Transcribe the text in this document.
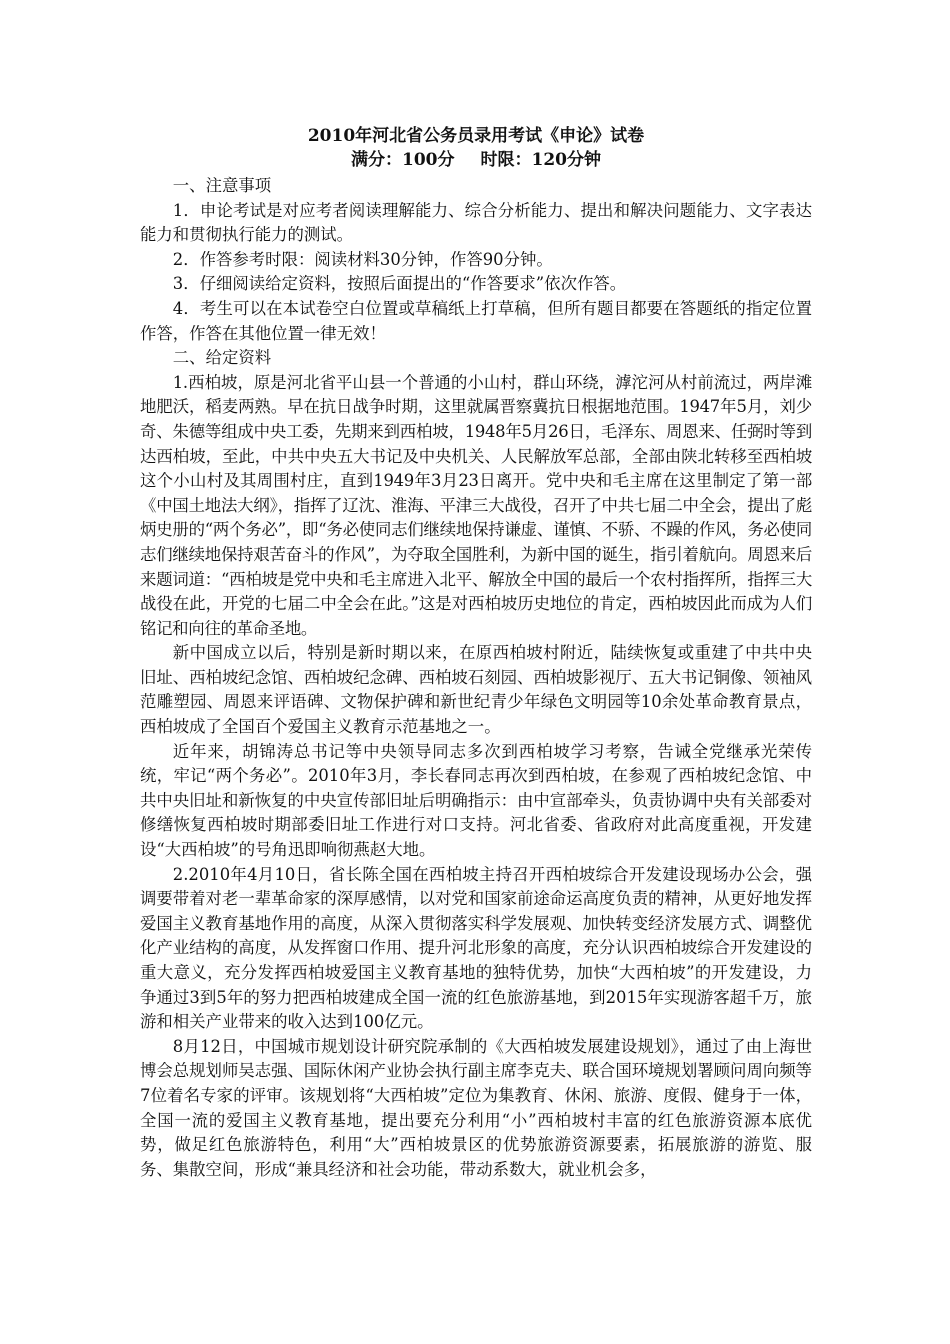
2010年河北省公务员录用考试《申论》试卷
满分：100分 时限：120分钟

一、注意事项

1．申论考试是对应考者阅读理解能力、综合分析能力、提出和解决问题能力、文字表达能力和贯彻执行能力的测试。

2．作答参考时限：阅读材料30分钟，作答90分钟。

3．仔细阅读给定资料，按照后面提出的“作答要求”依次作答。

4．考生可以在本试卷空白位置或草稿纸上打草稿，但所有题目都要在答题纸的指定位置作答，作答在其他位置一律无效！

二、给定资料

1.西柏坡，原是河北省平山县一个普通的小山村，群山环绕，滹沱河从村前流过，两岸滩地肥沃，稻麦两熟。早在抗日战争时期，这里就属晋察冀抗日根据地范围。1947年5月，刘少奇、朱德等组成中央工委，先期来到西柏坡，1948年5月26日，毛泽东、周恩来、任弼时等到达西柏坡，至此，中共中央五大书记及中央机关、人民解放军总部，全部由陕北转移至西柏坡这个小山村及其周围村庄，直到1949年3月23日离开。党中央和毛主席在这里制定了第一部《中国土地法大纲》，指挥了辽沈、淮海、平津三大战役，召开了中共七届二中全会，提出了彪炳史册的“两个务必”，即“务必使同志们继续地保持谦虚、谨慎、不骄、不躁的作风，务必使同志们继续地保持艰苦奋斗的作风”，为夺取全国胜利，为新中国的诞生，指引着航向。周恩来后来题词道：“西柏坡是党中央和毛主席进入北平、解放全中国的最后一个农村指挥所，指挥三大战役在此，开党的七届二中全会在此。”这是对西柏坡历史地位的肯定，西柏坡因此而成为人们铭记和向往的革命圣地。

新中国成立以后，特别是新时期以来，在原西柏坡村附近，陆续恢复或重建了中共中央旧址、西柏坡纪念馆、西柏坡纪念碑、西柏坡石刻园、西柏坡影视厅、五大书记铜像、领袖风范雕塑园、周恩来评语碑、文物保护碑和新世纪青少年绿色文明园等10余处革命教育景点，西柏坡成了全国百个爱国主义教育示范基地之一。

近年来，胡锦涛总书记等中央领导同志多次到西柏坡学习考察，告诫全党继承光荣传统，牢记“两个务必”。2010年3月，李长春同志再次到西柏坡，在参观了西柏坡纪念馆、中共中央旧址和新恢复的中央宣传部旧址后明确指示：由中宣部牵头，负责协调中央有关部委对修缮恢复西柏坡时期部委旧址工作进行对口支持。河北省委、省政府对此高度重视，开发建设“大西柏坡”的号角迅即响彻燕赵大地。

2.2010年4月10日，省长陈全国在西柏坡主持召开西柏坡综合开发建设现场办公会，强调要带着对老一辈革命家的深厚感情，以对党和国家前途命运高度负责的精神，从更好地发挥爱国主义教育基地作用的高度，从深入贯彻落实科学发展观、加快转变经济发展方式、调整优化产业结构的高度，从发挥窗口作用、提升河北形象的高度，充分认识西柏坡综合开发建设的重大意义，充分发挥西柏坡爱国主义教育基地的独特优势，加快“大西柏坡”的开发建设，力争通过3到5年的努力把西柏坡建成全国一流的红色旅游基地，到2015年实现游客超千万，旅游和相关产业带来的收入达到100亿元。

8月12日，中国城市规划设计研究院承制的《大西柏坡发展建设规划》，通过了由上海世博会总规划师吴志强、国际休闲产业协会执行副主席李克夫、联合国环境规划署顾问周向频等7位着名专家的评审。该规划将“大西柏坡”定位为集教育、休闲、旅游、度假、健身于一体，全国一流的爱国主义教育基地，提出要充分利用“小”西柏坡村丰富的红色旅游资源本底优势，做足红色旅游特色，利用“大”西柏坡景区的优势旅游资源要素，拓展旅游的游览、服务、集散空间，形成“兼具经济和社会功能，带动系数大，就业机会多，
